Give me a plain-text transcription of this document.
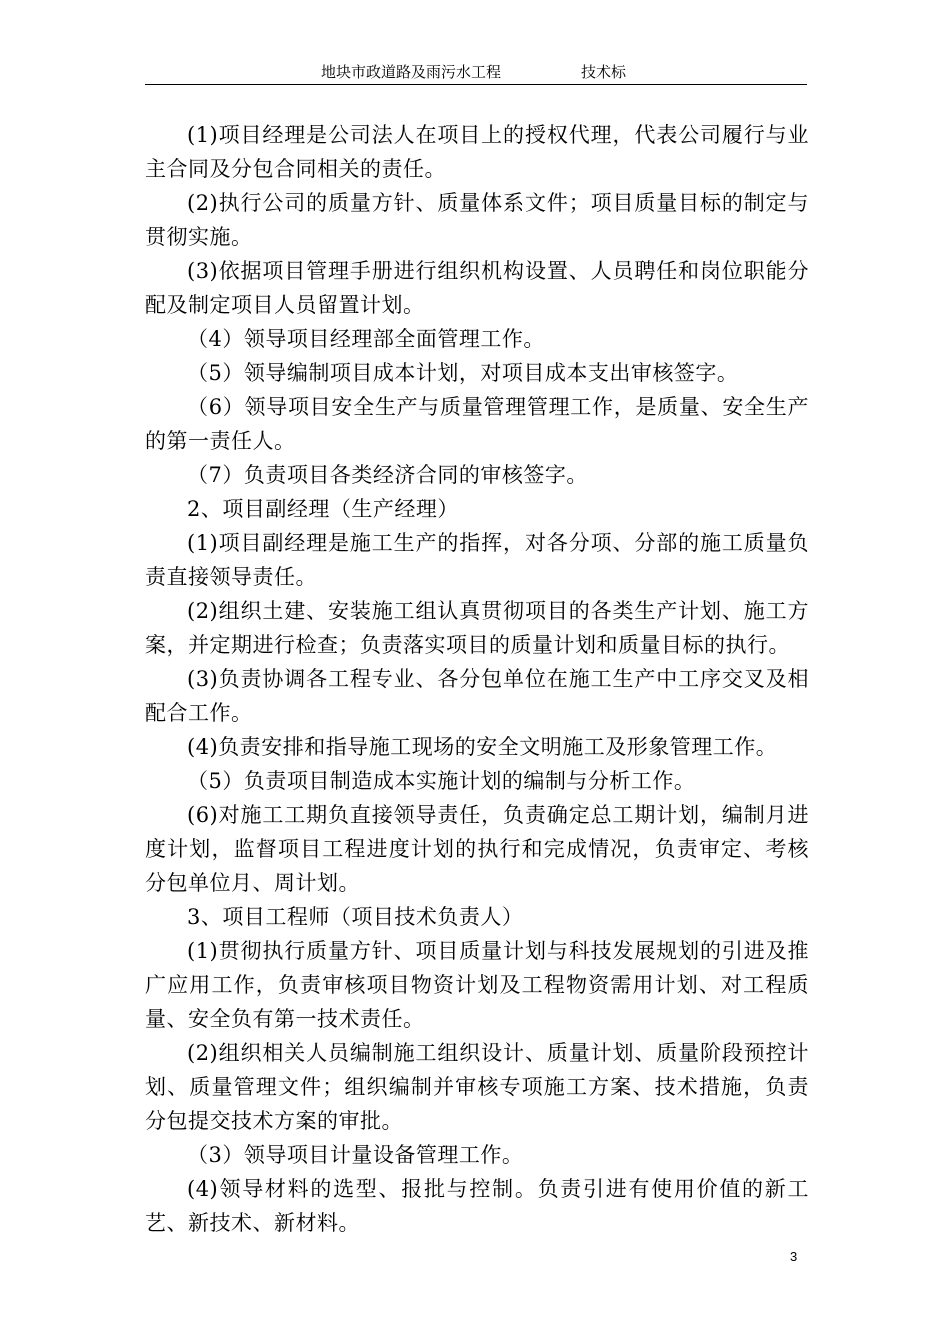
地块市政道路及雨污水工程	技术标

(1)项目经理是公司法人在项目上的授权代理，代表公司履行与业主合同及分包合同相关的责任。

(2)执行公司的质量方针、质量体系文件；项目质量目标的制定与贯彻实施。

(3)依据项目管理手册进行组织机构设置、人员聘任和岗位职能分配及制定项目人员留置计划。

（4）领导项目经理部全面管理工作。

（5）领导编制项目成本计划，对项目成本支出审核签字。

（6）领导项目安全生产与质量管理管理工作，是质量、安全生产的第一责任人。

（7）负责项目各类经济合同的审核签字。

2、项目副经理（生产经理）

(1)项目副经理是施工生产的指挥，对各分项、分部的施工质量负责直接领导责任。

(2)组织土建、安装施工组认真贯彻项目的各类生产计划、施工方案，并定期进行检查；负责落实项目的质量计划和质量目标的执行。

(3)负责协调各工程专业、各分包单位在施工生产中工序交叉及相配合工作。

(4)负责安排和指导施工现场的安全文明施工及形象管理工作。

（5）负责项目制造成本实施计划的编制与分析工作。

(6)对施工工期负直接领导责任，负责确定总工期计划，编制月进度计划，监督项目工程进度计划的执行和完成情况，负责审定、考核分包单位月、周计划。

3、项目工程师（项目技术负责人）

(1)贯彻执行质量方针、项目质量计划与科技发展规划的引进及推广应用工作，负责审核项目物资计划及工程物资需用计划、对工程质量、安全负有第一技术责任。

(2)组织相关人员编制施工组织设计、质量计划、质量阶段预控计划、质量管理文件；组织编制并审核专项施工方案、技术措施，负责分包提交技术方案的审批。

（3）领导项目计量设备管理工作。

(4)领导材料的选型、报批与控制。负责引进有使用价值的新工艺、新技术、新材料。

3
